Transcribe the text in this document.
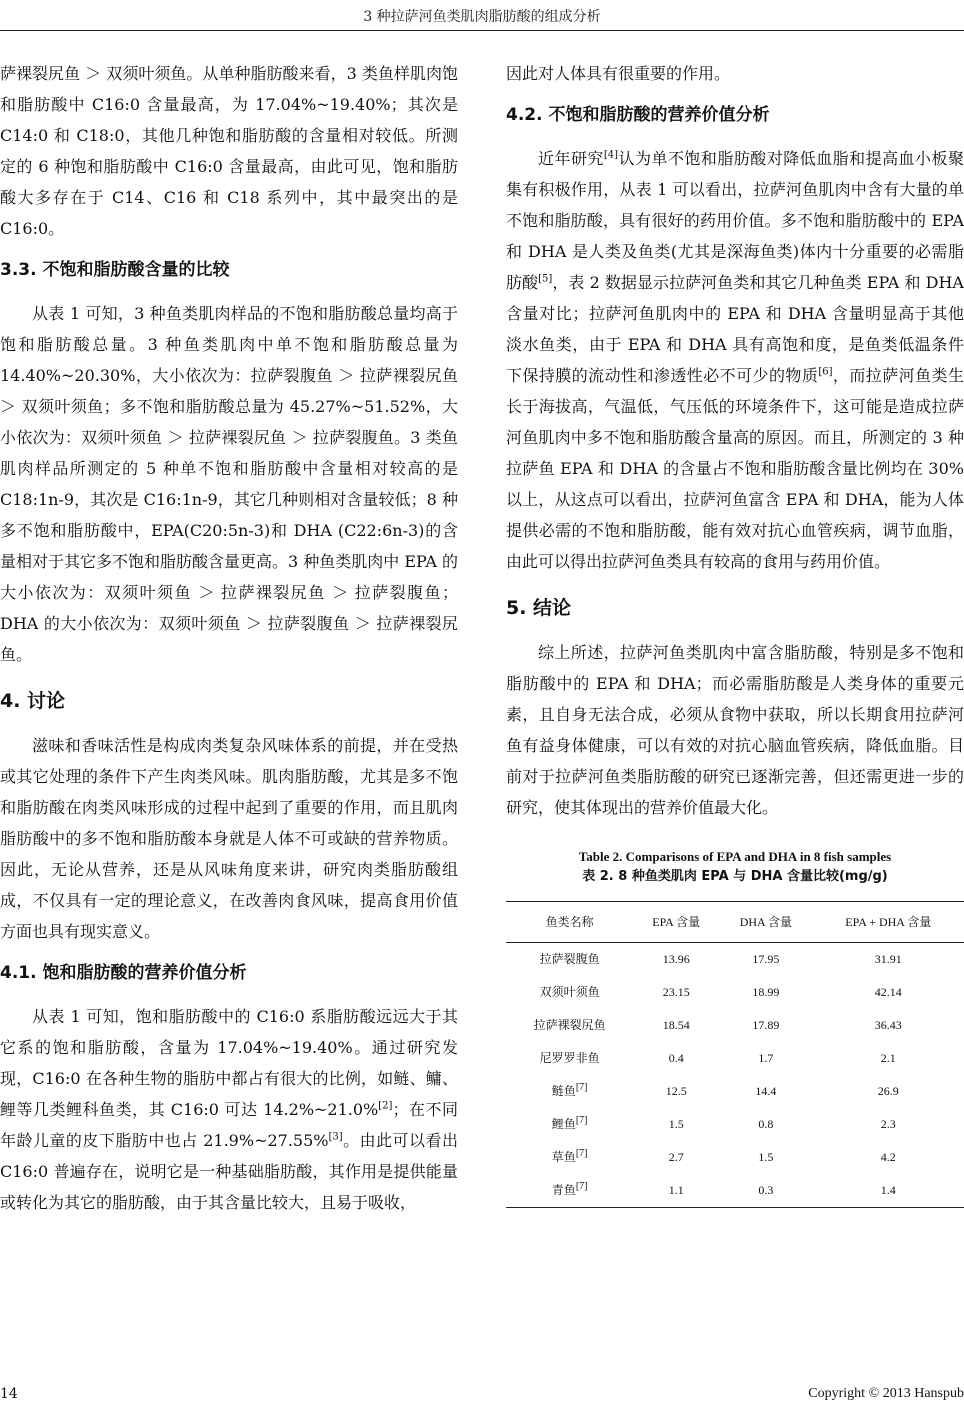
3 种拉萨河鱼类肌肉脂肪酸的组成分析

萨裸裂尻鱼 ＞ 双须叶须鱼。从单种脂肪酸来看，3 类鱼样肌肉饱和脂肪酸中 C16:0 含量最高，为 17.04%~19.40%；其次是 C14:0 和 C18:0，其他几种饱和脂肪酸的含量相对较低。所测定的 6 种饱和脂肪酸中 C16:0 含量最高，由此可见，饱和脂肪酸大多存在于 C14、C16 和 C18 系列中，其中最突出的是 C16:0。

3.3. 不饱和脂肪酸含量的比较

从表 1 可知，3 种鱼类肌肉样品的不饱和脂肪酸总量均高于饱和脂肪酸总量。3 种鱼类肌肉中单不饱和脂肪酸总量为 14.40%~20.30%，大小依次为：拉萨裂腹鱼 ＞ 拉萨裸裂尻鱼 ＞ 双须叶须鱼；多不饱和脂肪酸总量为 45.27%~51.52%，大小依次为：双须叶须鱼 ＞ 拉萨裸裂尻鱼 ＞ 拉萨裂腹鱼。3 类鱼肌肉样品所测定的 5 种单不饱和脂肪酸中含量相对较高的是 C18:1n-9，其次是 C16:1n-9，其它几种则相对含量较低；8 种多不饱和脂肪酸中，EPA(C20:5n-3)和 DHA (C22:6n-3)的含量相对于其它多不饱和脂肪酸含量更高。3 种鱼类肌肉中 EPA 的大小依次为：双须叶须鱼 ＞ 拉萨裸裂尻鱼 ＞ 拉萨裂腹鱼；DHA 的大小依次为：双须叶须鱼 ＞ 拉萨裂腹鱼 ＞ 拉萨裸裂尻鱼。

4. 讨论

滋味和香味活性是构成肉类复杂风味体系的前提，并在受热或其它处理的条件下产生肉类风味。肌肉脂肪酸，尤其是多不饱和脂肪酸在肉类风味形成的过程中起到了重要的作用，而且肌肉脂肪酸中的多不饱和脂肪酸本身就是人体不可或缺的营养物质。因此，无论从营养，还是从风味角度来讲，研究肉类脂肪酸组成，不仅具有一定的理论意义，在改善肉食风味，提高食用价值方面也具有现实意义。

4.1. 饱和脂肪酸的营养价值分析

从表 1 可知，饱和脂肪酸中的 C16:0 系脂肪酸远远大于其它系的饱和脂肪酸，含量为 17.04%~19.40%。通过研究发现，C16:0 在各种生物的脂肪中都占有很大的比例，如鲢、鳙、鲤等几类鲤科鱼类，其 C16:0 可达 14.2%~21.0%[2]；在不同年龄儿童的皮下脂肪中也占 21.9%~27.55%[3]。由此可以看出 C16:0 普遍存在，说明它是一种基础脂肪酸，其作用是提供能量或转化为其它的脂肪酸，由于其含量比较大，且易于吸收，

因此对人体具有很重要的作用。

4.2. 不饱和脂肪酸的营养价值分析

近年研究[4]认为单不饱和脂肪酸对降低血脂和提高血小板聚集有积极作用，从表 1 可以看出，拉萨河鱼肌肉中含有大量的单不饱和脂肪酸，具有很好的药用价值。多不饱和脂肪酸中的 EPA 和 DHA 是人类及鱼类(尤其是深海鱼类)体内十分重要的必需脂肪酸[5]，表 2 数据显示拉萨河鱼类和其它几种鱼类 EPA 和 DHA 含量对比；拉萨河鱼肌肉中的 EPA 和 DHA 含量明显高于其他淡水鱼类，由于 EPA 和 DHA 具有高饱和度，是鱼类低温条件下保持膜的流动性和渗透性必不可少的物质[6]，而拉萨河鱼类生长于海拔高，气温低，气压低的环境条件下，这可能是造成拉萨河鱼肌肉中多不饱和脂肪酸含量高的原因。而且，所测定的 3 种拉萨鱼 EPA 和 DHA 的含量占不饱和脂肪酸含量比例均在 30%以上，从这点可以看出，拉萨河鱼富含 EPA 和 DHA，能为人体提供必需的不饱和脂肪酸，能有效对抗心血管疾病，调节血脂，由此可以得出拉萨河鱼类具有较高的食用与药用价值。

5. 结论

综上所述，拉萨河鱼类肌肉中富含脂肪酸，特别是多不饱和脂肪酸中的 EPA 和 DHA；而必需脂肪酸是人类身体的重要元素，且自身无法合成，必须从食物中获取，所以长期食用拉萨河鱼有益身体健康，可以有效的对抗心脑血管疾病，降低血脂。目前对于拉萨河鱼类脂肪酸的研究已逐渐完善，但还需更进一步的研究，使其体现出的营养价值最大化。

Table 2. Comparisons of EPA and DHA in 8 fish samples
表 2. 8 种鱼类肌肉 EPA 与 DHA 含量比较(mg/g)
鱼类名称	EPA 含量	DHA 含量	EPA + DHA 含量
拉萨裂腹鱼	13.96	17.95	31.91
双须叶须鱼	23.15	18.99	42.14
拉萨裸裂尻鱼	18.54	17.89	36.43
尼罗罗非鱼	0.4	1.7	2.1
鲢鱼[7]	12.5	14.4	26.9
鲤鱼[7]	1.5	0.8	2.3
草鱼[7]	2.7	1.5	4.2
青鱼[7]	1.1	0.3	1.4
14	Copyright © 2013 Hanspub
